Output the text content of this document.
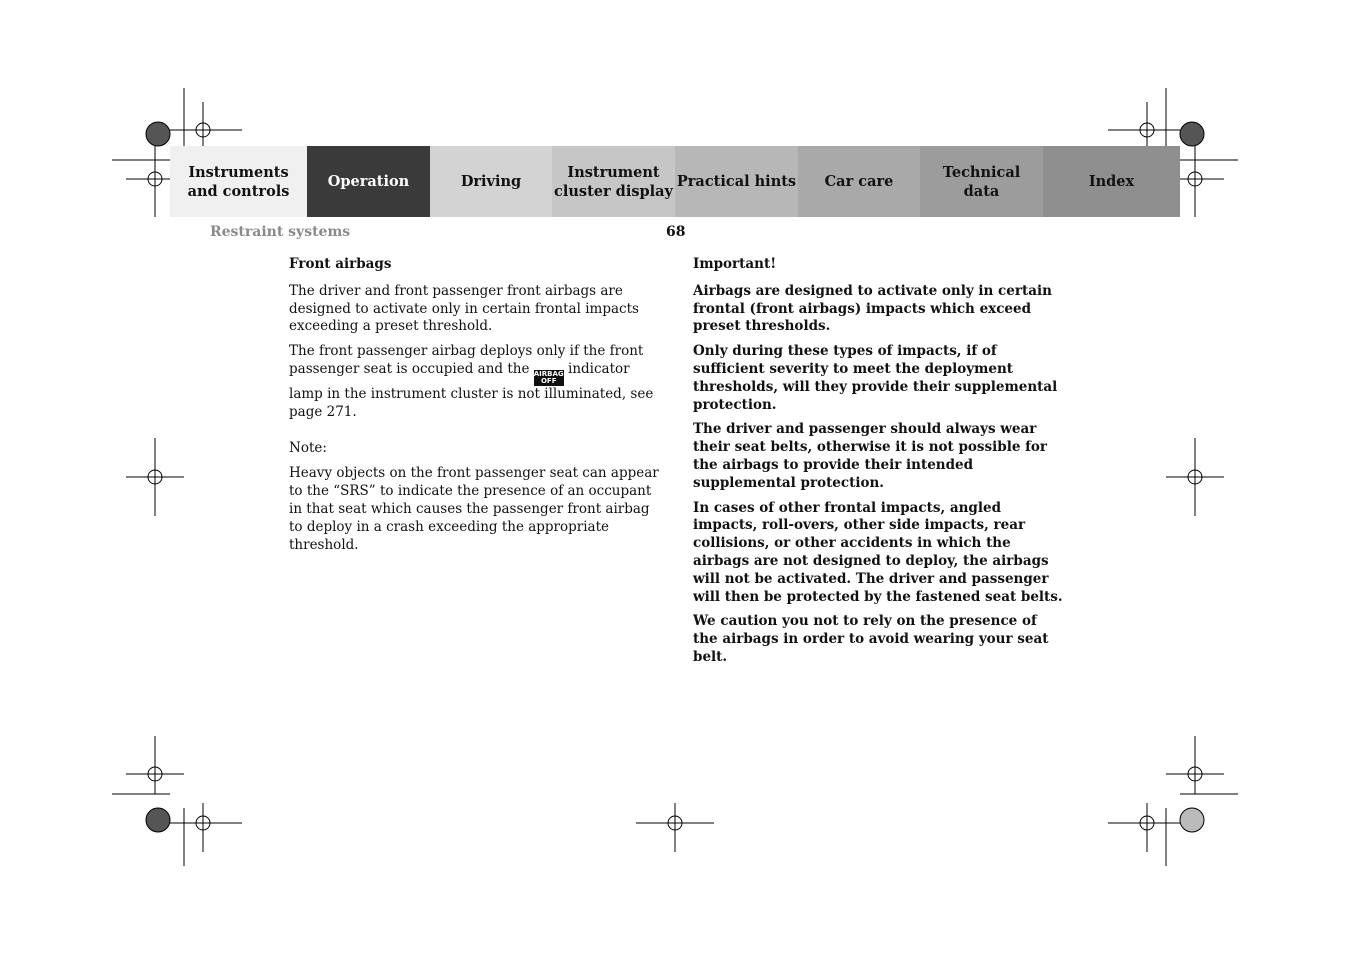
Instruments
and controls
Operation	Driving
Instrument
cluster display
Practical hints Car care
Technical
data
Index
Restraint systems	68

Front airbags

The driver and front passenger front airbags are designed to activate only in certain frontal impacts exceeding a preset threshold.

The front passenger airbag deploys only if the front passenger seat is occupied and the AIRBAG
OFF
indicator lamp in the instrument cluster is not illuminated, see page 271.

Note:

Heavy objects on the front passenger seat can appear to the “SRS” to indicate the presence of an occupant in that seat which causes the passenger front airbag to deploy in a crash exceeding the appropriate threshold.

Important!

Airbags are designed to activate only in certain frontal (front airbags) impacts which exceed preset thresholds.

Only during these types of impacts, if of sufficient severity to meet the deployment thresholds, will they provide their supplemental protection.

The driver and passenger should always wear their seat belts, otherwise it is not possible for the airbags to provide their intended supplemental protection.

In cases of other frontal impacts, angled impacts, roll-overs, other side impacts, rear collisions, or other accidents in which the airbags are not designed to deploy, the airbags will not be activated. The driver and passenger will then be protected by the fastened seat belts.

We caution you not to rely on the presence of the airbags in order to avoid wearing your seat belt.
